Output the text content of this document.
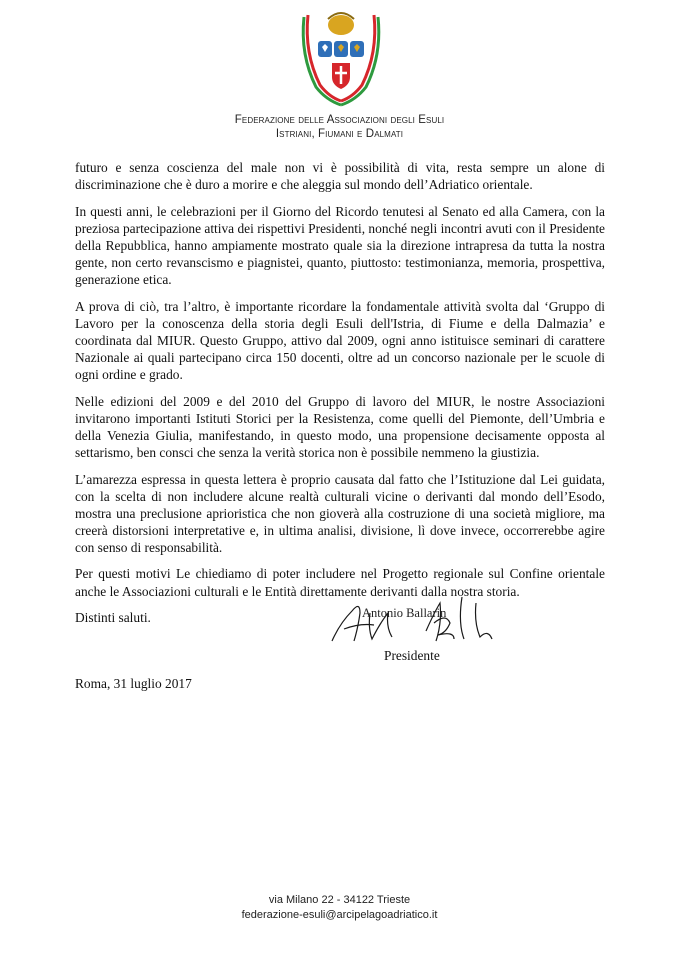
Federazione delle Associazioni degli Esuli
Istriani, Fiumani e Dalmati

futuro e senza coscienza del male non vi è possibilità di vita, resta sempre un alone di discriminazione che è duro a morire e che aleggia sul mondo dell’Adriatico orientale.

In questi anni, le celebrazioni per il Giorno del Ricordo tenutesi al Senato ed alla Camera, con la preziosa partecipazione attiva dei rispettivi Presidenti, nonché negli incontri avuti con il Presidente della Repubblica, hanno ampiamente mostrato quale sia la direzione intrapresa da tutta la nostra gente, non certo revanscismo e piagnistei, quanto, piuttosto: testimonianza, memoria, prospettiva, generazione etica.

A prova di ciò, tra l’altro, è importante ricordare la fondamentale attività svolta dal ‘Gruppo di Lavoro per la conoscenza della storia degli Esuli dell'Istria, di Fiume e della Dalmazia’ e coordinata dal MIUR. Questo Gruppo, attivo dal 2009, ogni anno istituisce seminari di carattere Nazionale ai quali partecipano circa 150 docenti, oltre ad un concorso nazionale per le scuole di ogni ordine e grado.

Nelle edizioni del 2009 e del 2010 del Gruppo di lavoro del MIUR, le nostre Associazioni invitarono importanti Istituti Storici per la Resistenza, come quelli del Piemonte, dell’Umbria e della Venezia Giulia, manifestando, in questo modo, una propensione decisamente opposta al settarismo, ben consci che senza la verità storica non è possibile nemmeno la giustizia.

L’amarezza espressa in questa lettera è proprio causata dal fatto che l’Istituzione dal Lei guidata, con la scelta di non includere alcune realtà culturali vicine o derivanti dal mondo dell’Esodo, mostra una preclusione aprioristica che non gioverà alla costruzione di una società migliore, ma creerà distorsioni interpretative e, in ultima analisi, divisione, lì dove invece, occorrerebbe agire con senso di responsabilità.

Per questi motivi Le chiediamo di poter includere nel Progetto regionale sul Confine orientale anche le Associazioni culturali e le Entità direttamente derivanti dalla nostra storia.

Distinti saluti.	Antonio Ballarin
Presidente
Roma, 31 luglio 2017
via Milano 22 - 34122 Trieste
federazione-esuli@arcipelagoadriatico.it
